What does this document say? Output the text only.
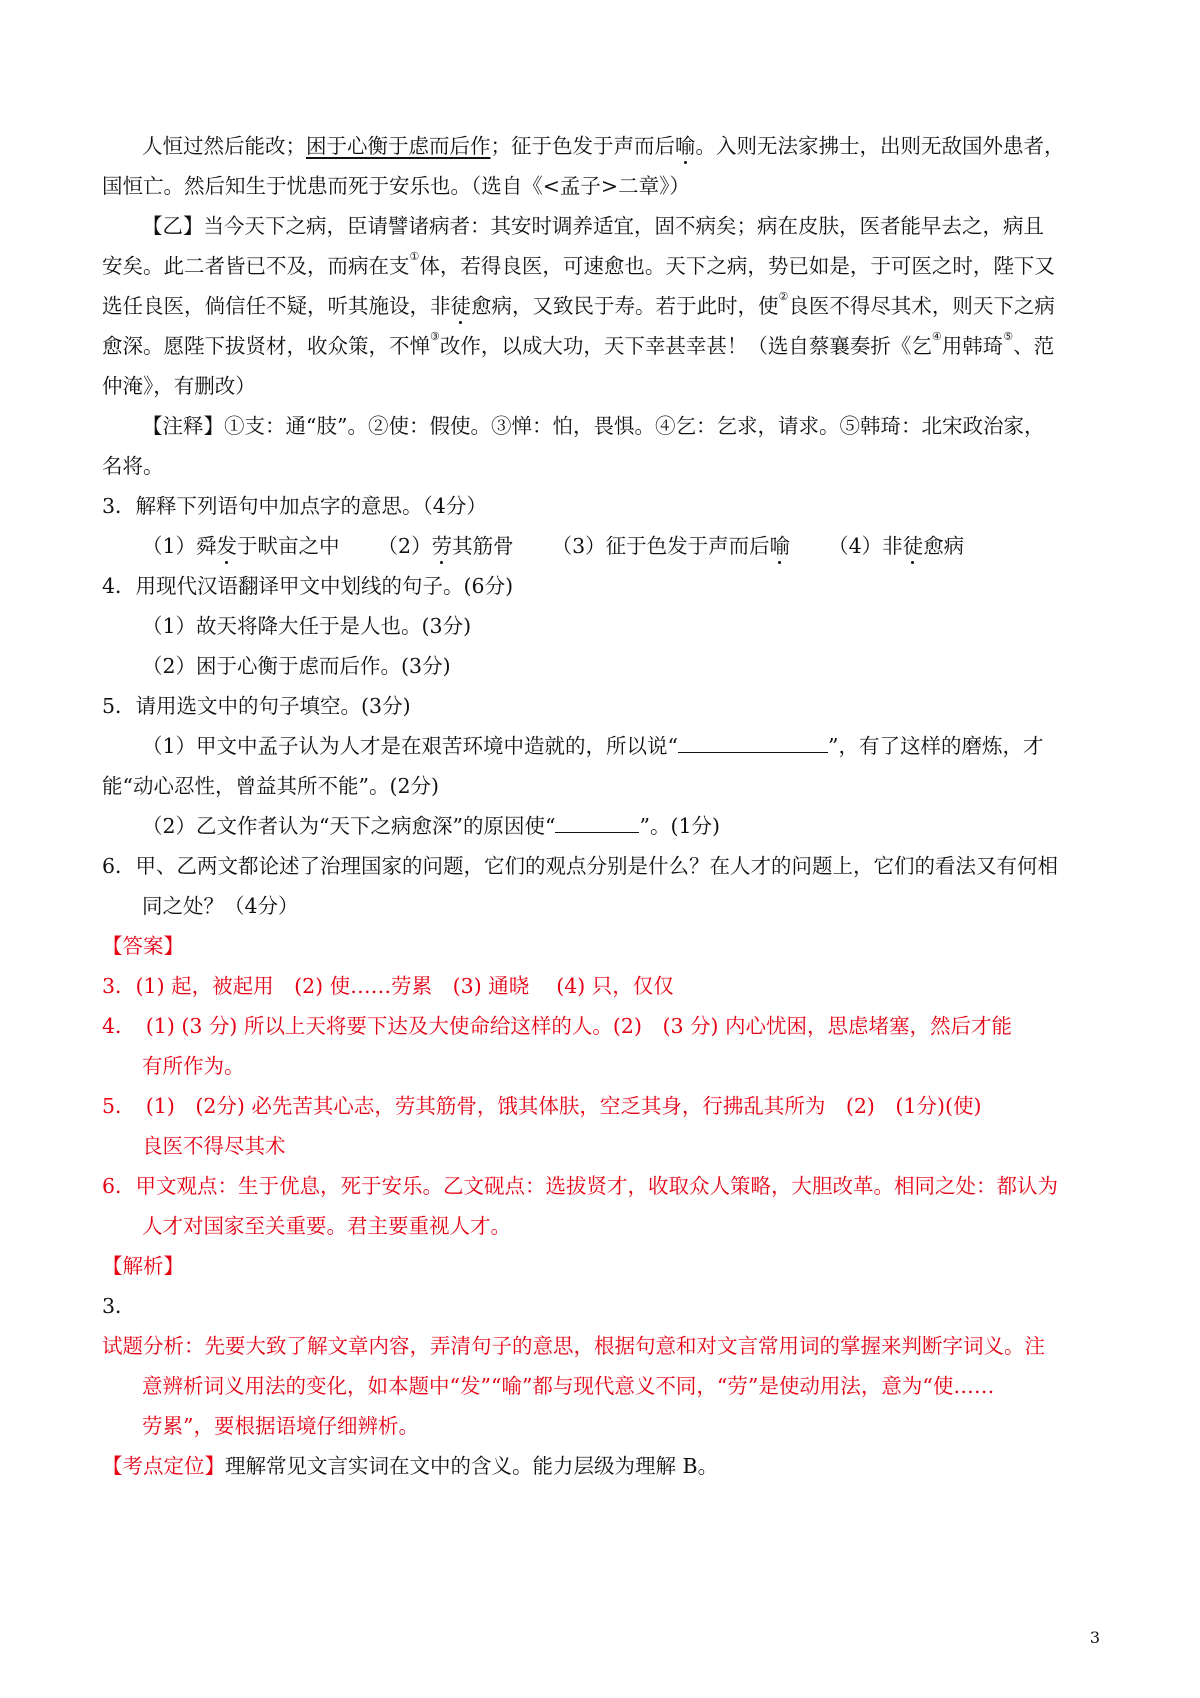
人恒过然后能改；困于心衡于虑而后作；征于色发于声而后喻。入则无法家拂士，出则无敌国外患者，
国恒亡。然后知生于忧患而死于安乐也。（选自《<孟子>二章》）
【乙】当今天下之病，臣请譬诸病者：其安时调养适宜，固不病矣；病在皮肤，医者能早去之，病且
安矣。此二者皆已不及，而病在支①体，若得良医，可速愈也。天下之病，势已如是，于可医之时，陛下又
选任良医，倘信任不疑，听其施设，非徒愈病，又致民于寿。若于此时，使②良医不得尽其术，则天下之病
愈深。愿陛下拔贤材，收众策，不惮③改作，以成大功，天下幸甚幸甚！（选自蔡襄奏折《乞④用韩琦⑤、范
仲淹》，有删改）
【注释】①支：通“肢”。②使：假使。③惮：怕，畏惧。④乞：乞求，请求。⑤韩琦：北宋政治家，
名将。
3．解释下列语句中加点字的意思。（4分）
（1）舜发于畎亩之中 （2）劳其筋骨 （3）征于色发于声而后喻 （4）非徒愈病
4．用现代汉语翻译甲文中划线的句子。(6分)
（1）故天将降大任于是人也。(3分)
（2）困于心衡于虑而后作。(3分)
5．请用选文中的句子填空。(3分)
（1）甲文中孟子认为人才是在艰苦环境中造就的，所以说“	”，有了这样的磨炼，才
能“动心忍性，曾益其所不能”。(2分)
（2）乙文作者认为“天下之病愈深”的原因使“	”。(1分)
6．甲、乙两文都论述了治理国家的问题，它们的观点分别是什么？在人才的问题上，它们的看法又有何相
同之处？（4分）
【答案】
3．(1) 起，被起用　(2) 使……劳累　(3) 通晓　 (4) 只，仅仅
4．　(1) (3 分) 所以上天将要下达及大使命给这样的人。(2)　(3 分) 内心忧困，思虑堵塞，然后才能
有所作为。
5．　(1)　(2分) 必先苦其心志，劳其筋骨，饿其体肤，空乏其身，行拂乱其所为　(2)　(1分)(使)
良医不得尽其术
6．甲文观点：生于优息，死于安乐。乙文砚点：选拔贤才，收取众人策略，大胆改革。相同之处：都认为
人才对国家至关重要。君主要重视人才。
【解析】
3．
试题分析：先要大致了解文章内容，弄清句子的意思，根据句意和对文言常用词的掌握来判断字词义。注
意辨析词义用法的变化，如本题中“发”“喻”都与现代意义不同，“劳”是使动用法，意为“使……
劳累”，要根据语境仔细辨析。
【考点定位】理解常见文言实词在文中的含义。能力层级为理解 B。
3
